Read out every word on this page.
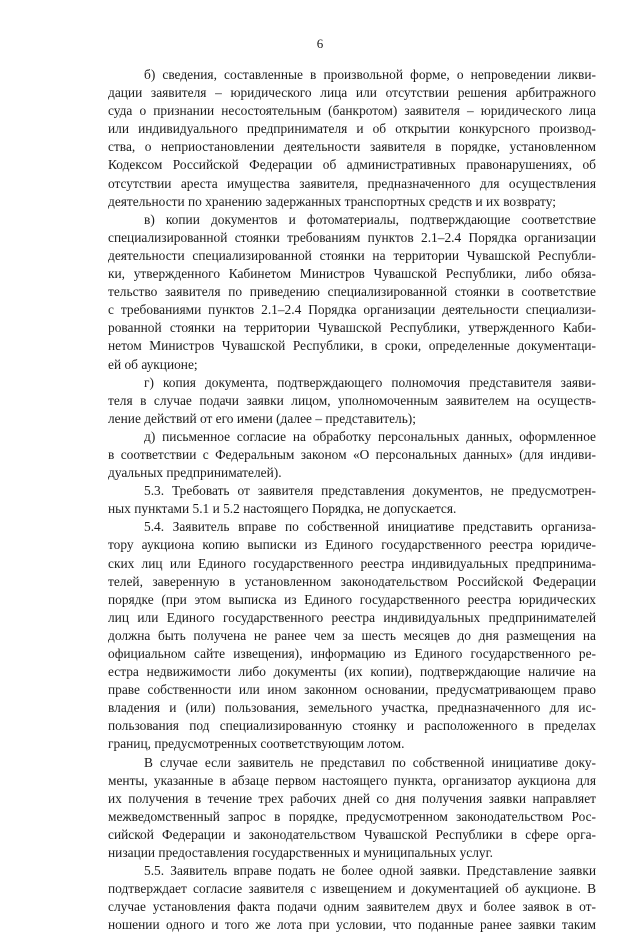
6
б) сведения, составленные в произвольной форме, о непроведении ликви-
дации заявителя – юридического лица или отсутствии решения арбитражного
суда о признании несостоятельным (банкротом) заявителя – юридического лица
или индивидуального предпринимателя и об открытии конкурсного производ-
ства, о неприостановлении деятельности заявителя в порядке, установленном
Кодексом Российской Федерации об административных правонарушениях, об
отсутствии ареста имущества заявителя, предназначенного для осуществления
деятельности по хранению задержанных транспортных средств и их возврату;
в) копии документов и фотоматериалы, подтверждающие соответствие
специализированной стоянки требованиям пунктов 2.1–2.4 Порядка организации
деятельности специализированной стоянки на территории Чувашской Республи-
ки, утвержденного Кабинетом Министров Чувашской Республики, либо обяза-
тельство заявителя по приведению специализированной стоянки в соответствие
с требованиями пунктов 2.1–2.4 Порядка организации деятельности специализи-
рованной стоянки на территории Чувашской Республики, утвержденного Каби-
нетом Министров Чувашской Республики, в сроки, определенные документаци-
ей об аукционе;
г) копия документа, подтверждающего полномочия представителя заяви-
теля в случае подачи заявки лицом, уполномоченным заявителем на осуществ-
ление действий от его имени (далее – представитель);
д) письменное согласие на обработку персональных данных, оформленное
в соответствии с Федеральным законом «О персональных данных» (для индиви-
дуальных предпринимателей).
5.3. Требовать от заявителя представления документов, не предусмотрен-
ных пунктами 5.1 и 5.2 настоящего Порядка, не допускается.
5.4. Заявитель вправе по собственной инициативе представить организа-
тору аукциона копию выписки из Единого государственного реестра юридиче-
ских лиц или Единого государственного реестра индивидуальных предпринима-
телей, заверенную в установленном законодательством Российской Федерации
порядке (при этом выписка из Единого государственного реестра юридических
лиц или Единого государственного реестра индивидуальных предпринимателей
должна быть получена не ранее чем за шесть месяцев до дня размещения на
официальном сайте извещения), информацию из Единого государственного ре-
естра недвижимости либо документы (их копии), подтверждающие наличие на
праве собственности или ином законном основании, предусматривающем право
владения и (или) пользования, земельного участка, предназначенного для ис-
пользования под специализированную стоянку и расположенного в пределах
границ, предусмотренных соответствующим лотом.
В случае если заявитель не представил по собственной инициативе доку-
менты, указанные в абзаце первом настоящего пункта, организатор аукциона для
их получения в течение трех рабочих дней со дня получения заявки направляет
межведомственный запрос в порядке, предусмотренном законодательством Рос-
сийской Федерации и законодательством Чувашской Республики в сфере орга-
низации предоставления государственных и муниципальных услуг.
5.5. Заявитель вправе подать не более одной заявки. Представление заявки
подтверждает согласие заявителя с извещением и документацией об аукционе. В
случае установления факта подачи одним заявителем двух и более заявок в от-
ношении одного и того же лота при условии, что поданные ранее заявки таким
